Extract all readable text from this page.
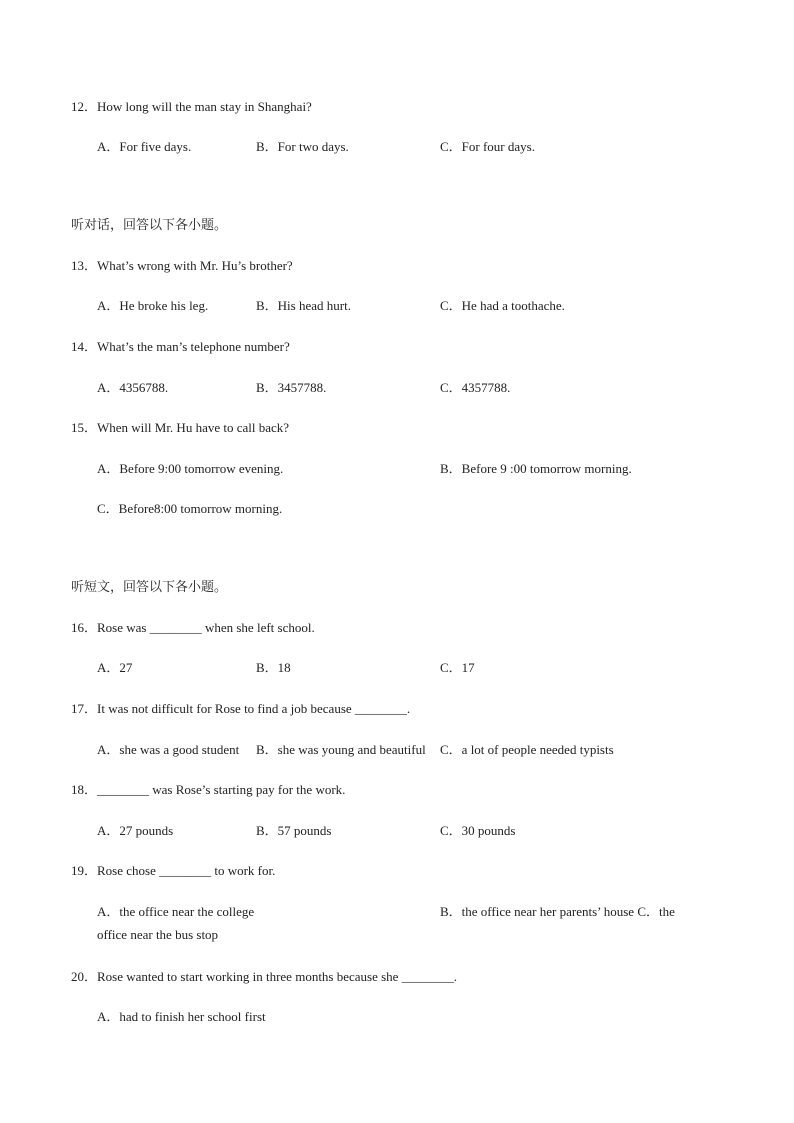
12．How long will the man stay in Shanghai?
A．For five days.	B．For two days.	C．For four days.
听对话，回答以下各小题。
13．What’s wrong with Mr. Hu’s brother?
A．He broke his leg.	B．His head hurt.	C．He had a toothache.
14．What’s the man’s telephone number?
A．4356788.	B．3457788.	C．4357788.
15．When will Mr. Hu have to call back?
A．Before 9:00 tomorrow evening.	B．Before 9 :00 tomorrow morning.
C．Before8:00 tomorrow morning.
听短文，回答以下各小题。
16．Rose was ________ when she left school.
A．27	B．18	C．17
17．It was not difficult for Rose to find a job because ________.
A．she was a good student B．she was young and beautiful C．a lot of people needed typists
18．________ was Rose’s starting pay for the work.
A．27 pounds	B．57 pounds	C．30 pounds
19．Rose chose ________ to work for.
A．the office near the college	B．the office near her parents’ house C．the
office near the bus stop
20．Rose wanted to start working in three months because she ________.
A．had to finish her school first
